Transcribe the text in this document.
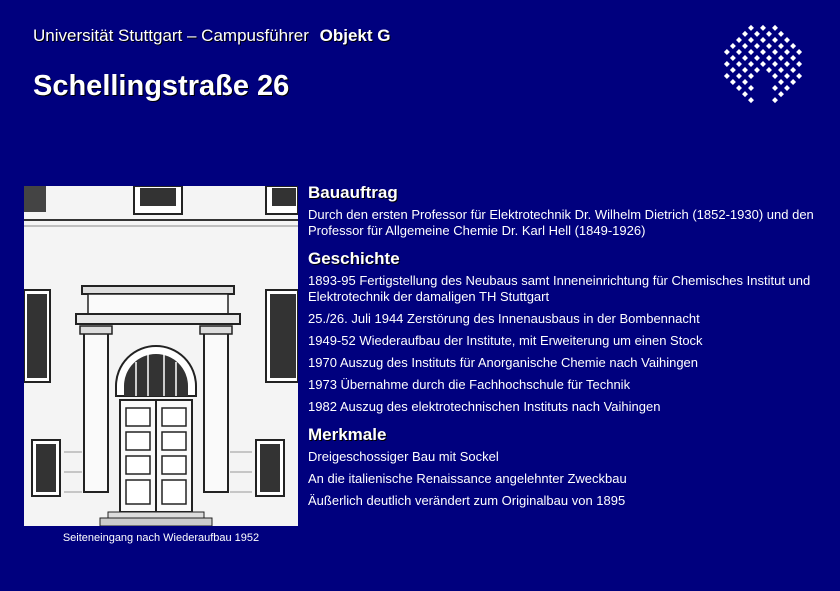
Universität Stuttgart – Campusführer Objekt G
Schellingstraße 26
Seiteneingang nach Wiederaufbau 1952
Bauauftrag

Durch den ersten Professor für Elektrotechnik Dr. Wilhelm Dietrich (1852-1930) und den Professor für Allgemeine Chemie Dr. Karl Hell (1849-1926)

Geschichte

1893-95 Fertigstellung des Neubaus samt Inneneinrichtung für Chemisches Institut und Elektrotechnik der damaligen TH Stuttgart

25./26. Juli 1944 Zerstörung des Innenausbaus in der Bombennacht

1949-52 Wiederaufbau der Institute, mit Erweiterung um einen Stock

1970 Auszug des Instituts für Anorganische Chemie nach Vaihingen

1973 Übernahme durch die Fachhochschule für Technik

1982 Auszug des elektrotechnischen Instituts nach Vaihingen

Merkmale

Dreigeschossiger Bau mit Sockel

An die italienische Renaissance angelehnter Zweckbau

Äußerlich deutlich verändert zum Originalbau von 1895
